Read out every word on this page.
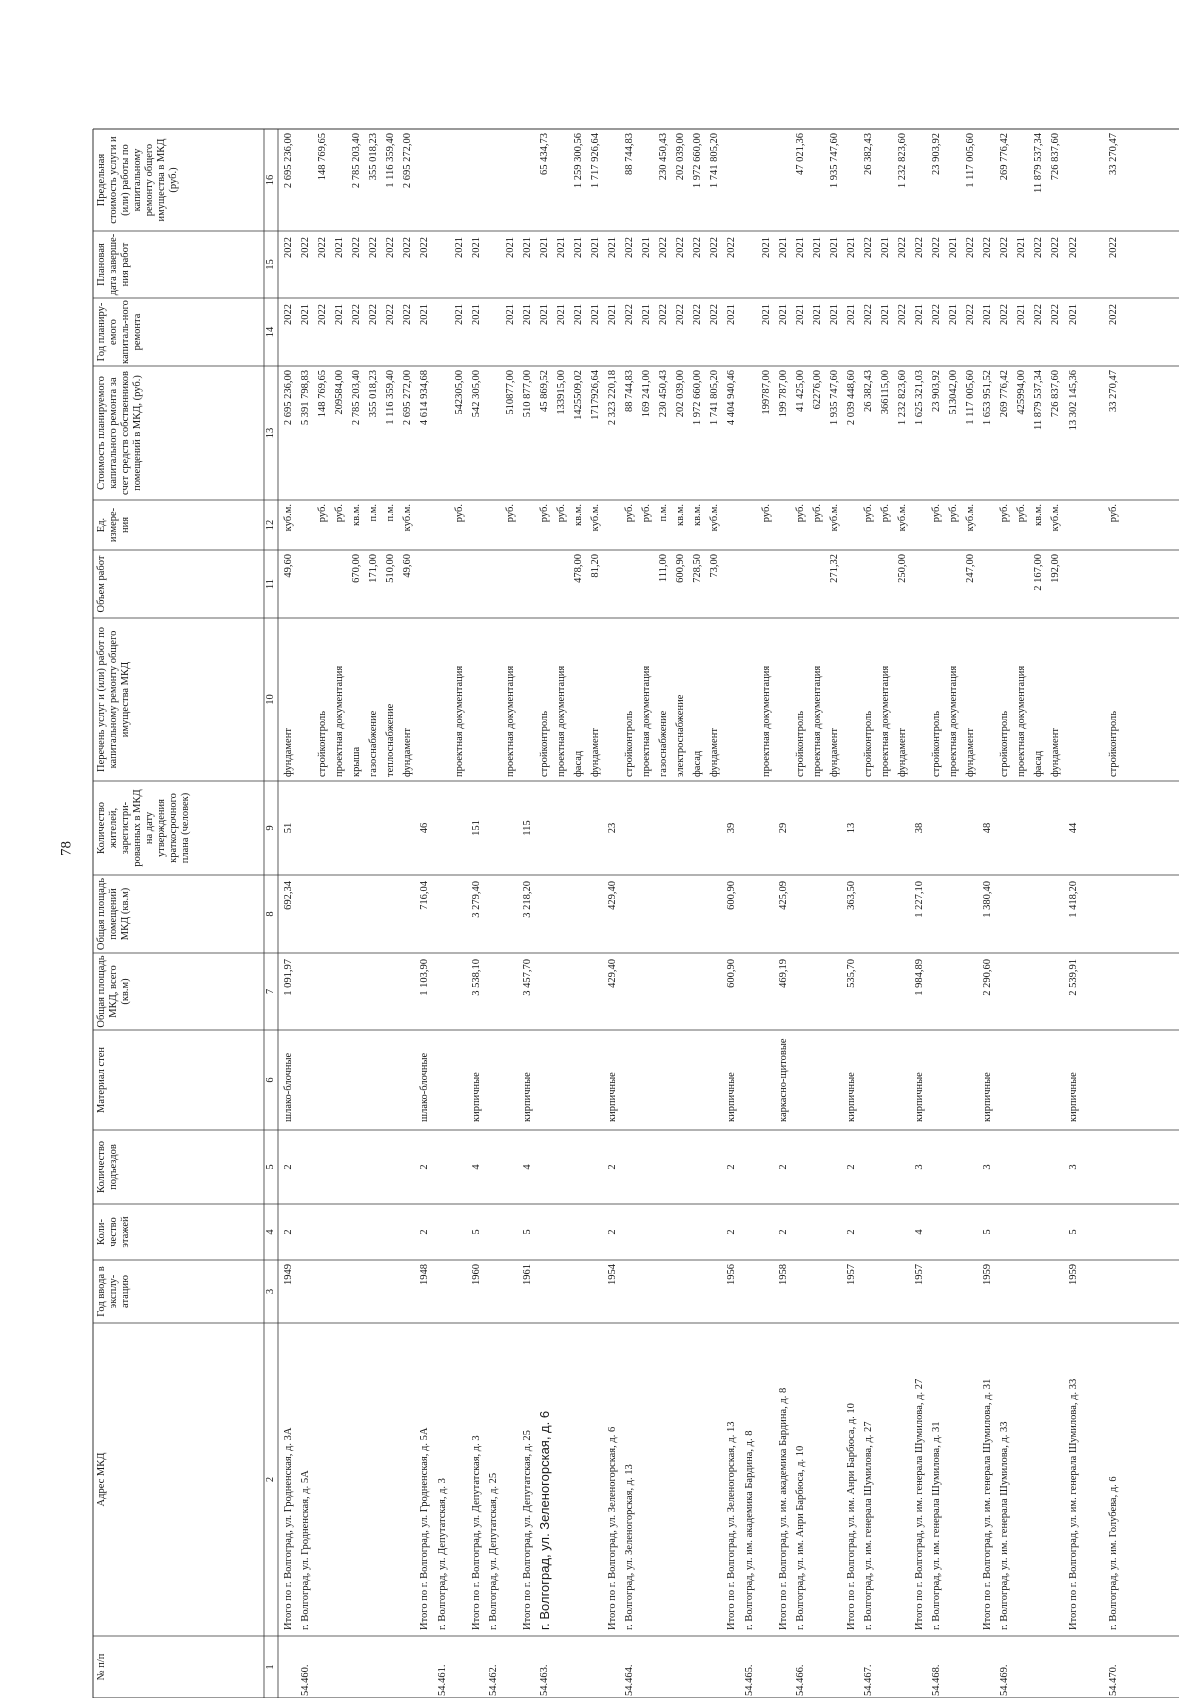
78
№ п/п
Адрес МКД
Год ввода в эксплу-атацию
Коли-чество этажей
Количество подъездов
Материал стен
Общая площадь МКД, всего (кв.м)
Общая площадь помещений МКД (кв.м)
Количество жителей, зарегистри-рованных в МКД на дату утверждения краткосрочного плана (человек)
Перечень услуг и (или) работ по капитальному ремонту общего имущества МКД
Объем работ
Ед. измере-ния
Стоимость планируемого капитального ремонта за счет средств собственников помещений в МКД, (руб.)
Год планиру-емого капиталь-ного ремонта
Плановая дата заверше-ния работ
Предельная стоимость услуги и (или) работы по капитальному ремонту общего имущества в МКД (руб.)
1
2
3
4
5
6
7
8
9
10
11
12
13
14
15
16
Итого по г. Волгоград, ул. Гродненская, д. 3А
1949
2
2
шлако-блочные
1 091,97
692,34
51
фундамент
49,60
куб.м.
2 695 236,00
2022
2022
2 695 236,00
54.460.
г. Волгоград, ул. Гродненская, д. 5А
5 391 798,83
2021
2022
стройконтроль
руб.
148 769,65
2022
2022
148 769,65
проектная документация
руб.
209584,00
2021
2021
крыша
670,00
кв.м.
2 785 203,40
2022
2022
2 785 203,40
газоснабжение
171,00
п.м.
355 018,23
2022
2022
355 018,23
теплоснабжение
510,00
п.м.
1 116 359,40
2022
2022
1 116 359,40
фундамент
49,60
куб.м.
2 695 272,00
2022
2022
2 695 272,00
Итого по г. Волгоград, ул. Гродненская, д. 5А
1948
2
2
шлако-блочные
1 103,90
716,04
46
4 614 934,68
2021
2022
54.461.
г. Волгоград, ул. Депутатская, д. 3
проектная документация
руб.
542305,00
2021
2021
Итого по г. Волгоград, ул. Депутатская, д. 3
1960
5
4
кирпичные
3 538,10
3 279,40
151
542 305,00
2021
2021
54.462.
г. Волгоград, ул. Депутатская, д. 25
проектная документация
руб.
510877,00
2021
2021
Итого по г. Волгоград, ул. Депутатская, д. 25
1961
5
4
кирпичные
3 457,70
3 218,20
115
510 877,00
2021
2021
54.463.
г. Волгоград, ул. Зеленогорская, д. 6
стройконтроль
руб.
45 869,52
2021
2021
65 434,73
проектная документация
руб.
133915,00
2021
2021
фасад
478,00
кв.м.
1425509,02
2021
2021
1 259 300,56
фундамент
81,20
куб.м.
1717926,64
2021
2021
1 717 926,64
Итого по г. Волгоград, ул. Зеленогорская, д. 6
1954
2
2
кирпичные
429,40
429,40
23
2 323 220,18
2021
2021
54.464.
г. Волгоград, ул. Зеленогорская, д. 13
стройконтроль
руб.
88 744,83
2022
2022
88 744,83
проектная документация
руб.
169 241,00
2021
2021
газоснабжение
111,00
п.м.
230 450,43
2022
2022
230 450,43
электроснабжение
600,90
кв.м.
202 039,00
2022
2022
202 039,00
фасад
728,50
кв.м.
1 972 660,00
2022
2022
1 972 660,00
фундамент
73,00
куб.м.
1 741 805,20
2022
2022
1 741 805,20
Итого по г. Волгоград, ул. Зеленогорская, д. 13
1956
2
2
кирпичные
600,90
600,90
39
4 404 940,46
2021
2022
54.465.
г. Волгоград, ул. им. академика Бардина, д. 8
проектная документация
руб.
199787,00
2021
2021
Итого по г. Волгоград, ул. им. академика Бардина, д. 8
1958
2
2
каркасно-щитовые
469,19
425,09
29
199 787,00
2021
2021
54.466.
г. Волгоград, ул. им. Анри Барбюса, д. 10
стройконтроль
руб.
41 425,00
2021
2021
47 021,36
проектная документация
руб.
62276,00
2021
2021
фундамент
271,32
куб.м.
1 935 747,60
2021
2021
1 935 747,60
Итого по г. Волгоград, ул. им. Анри Барбюса, д. 10
1957
2
2
кирпичные
535,70
363,50
13
2 039 448,60
2021
2021
54.467.
г. Волгоград, ул. им. генерала Шумилова, д. 27
стройконтроль
руб.
26 382,43
2022
2022
26 382,43
проектная документация
руб.
366115,00
2021
2021
фундамент
250,00
куб.м.
1 232 823,60
2022
2022
1 232 823,60
Итого по г. Волгоград, ул. им. генерала Шумилова, д. 27
1957
4
3
кирпичные
1 984,89
1 227,10
38
1 625 321,03
2021
2022
54.468.
г. Волгоград, ул. им. генерала Шумилова, д. 31
стройконтроль
руб.
23 903,92
2022
2022
23 903,92
проектная документация
руб.
513042,00
2021
2021
фундамент
247,00
куб.м.
1 117 005,60
2022
2022
1 117 005,60
Итого по г. Волгоград, ул. им. генерала Шумилова, д. 31
1959
5
3
кирпичные
2 290,60
1 380,40
48
1 653 951,52
2021
2022
54.469.
г. Волгоград, ул. им. генерала Шумилова, д. 33
стройконтроль
руб.
269 776,42
2022
2022
269 776,42
проектная документация
руб.
425994,00
2021
2021
фасад
2 167,00
кв.м.
11 879 537,34
2022
2022
11 879 537,34
фундамент
192,00
куб.м.
726 837,60
2022
2022
726 837,60
Итого по г. Волгоград, ул. им. генерала Шумилова, д. 33
1959
5
3
кирпичные
2 539,91
1 418,20
44
13 302 145,36
2021
2022
54.470.
г. Волгоград, ул. им. Голубева, д. 6
стройконтроль
руб.
33 270,47
2022
2022
33 270,47
